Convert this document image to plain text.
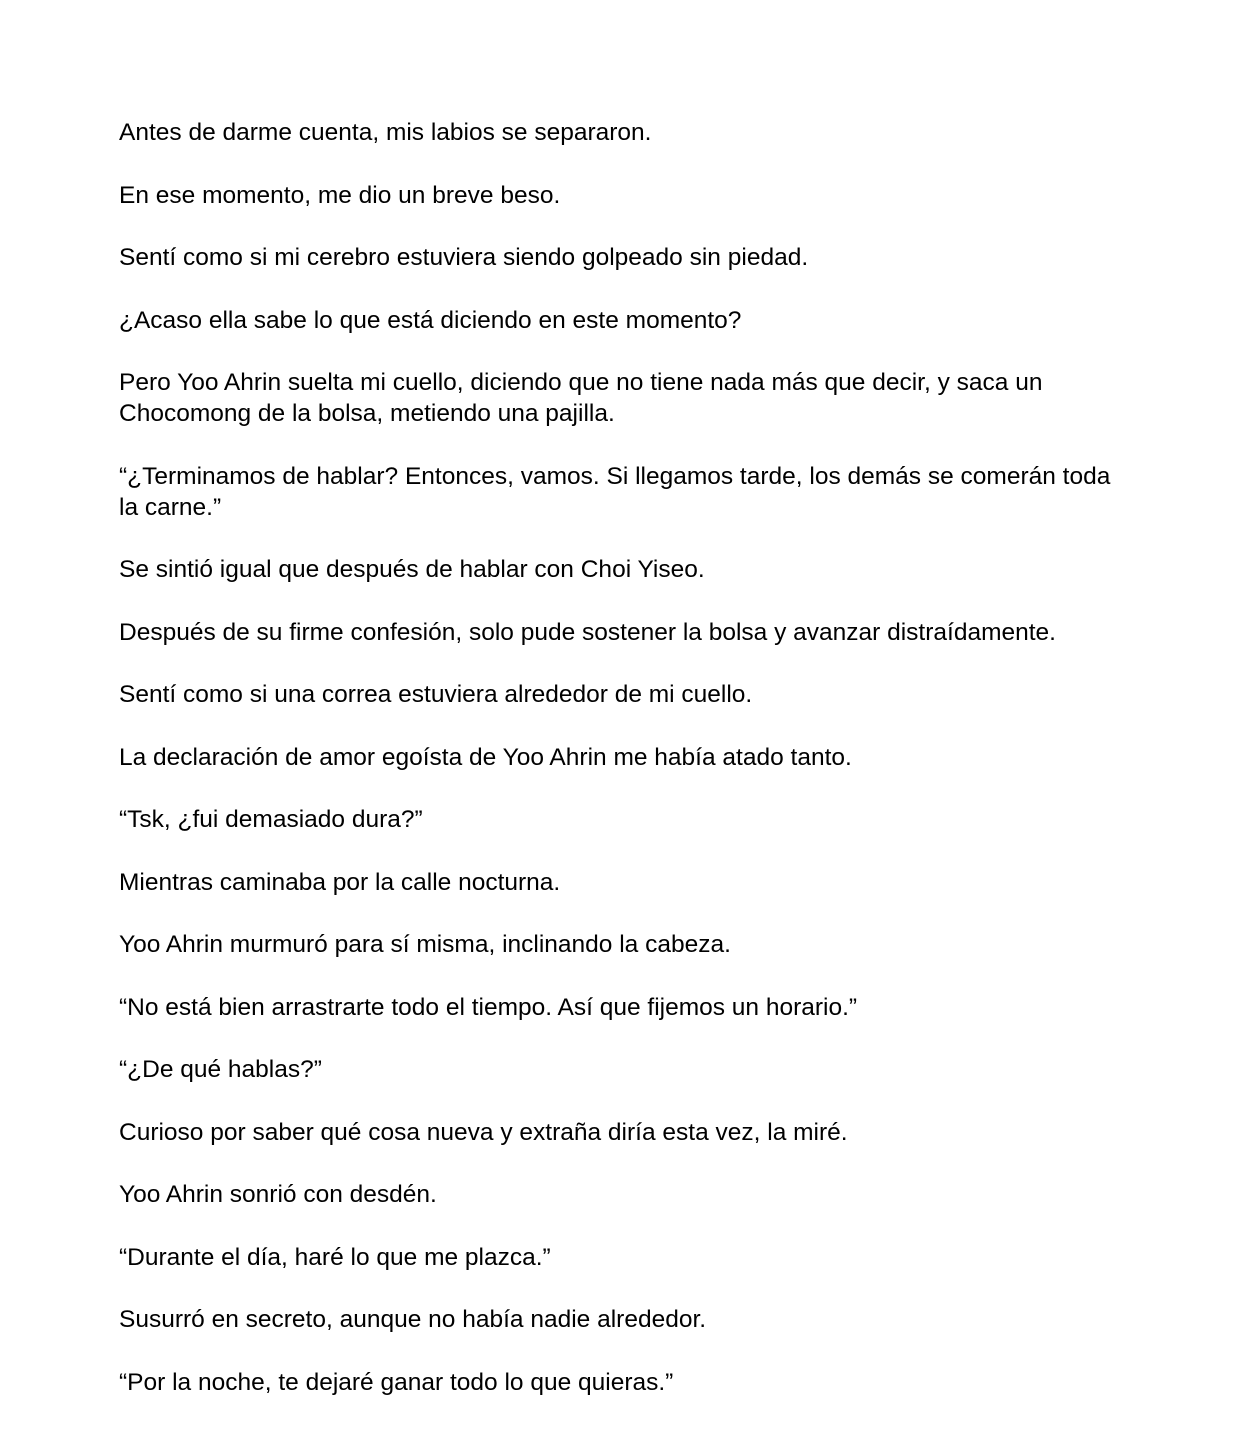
Antes de darme cuenta, mis labios se separaron.

En ese momento, me dio un breve beso.

Sentí como si mi cerebro estuviera siendo golpeado sin piedad.

¿Acaso ella sabe lo que está diciendo en este momento?

Pero Yoo Ahrin suelta mi cuello, diciendo que no tiene nada más que decir, y saca un Chocomong de la bolsa, metiendo una pajilla.

“¿Terminamos de hablar? Entonces, vamos. Si llegamos tarde, los demás se comerán toda la carne.”

Se sintió igual que después de hablar con Choi Yiseo.

Después de su firme confesión, solo pude sostener la bolsa y avanzar distraídamente.

Sentí como si una correa estuviera alrededor de mi cuello.

La declaración de amor egoísta de Yoo Ahrin me había atado tanto.

“Tsk, ¿fui demasiado dura?”

Mientras caminaba por la calle nocturna.

Yoo Ahrin murmuró para sí misma, inclinando la cabeza.

“No está bien arrastrarte todo el tiempo. Así que fijemos un horario.”

“¿De qué hablas?”

Curioso por saber qué cosa nueva y extraña diría esta vez, la miré.

Yoo Ahrin sonrió con desdén.

“Durante el día, haré lo que me plazca.”

Susurró en secreto, aunque no había nadie alrededor.

“Por la noche, te dejaré ganar todo lo que quieras.”
